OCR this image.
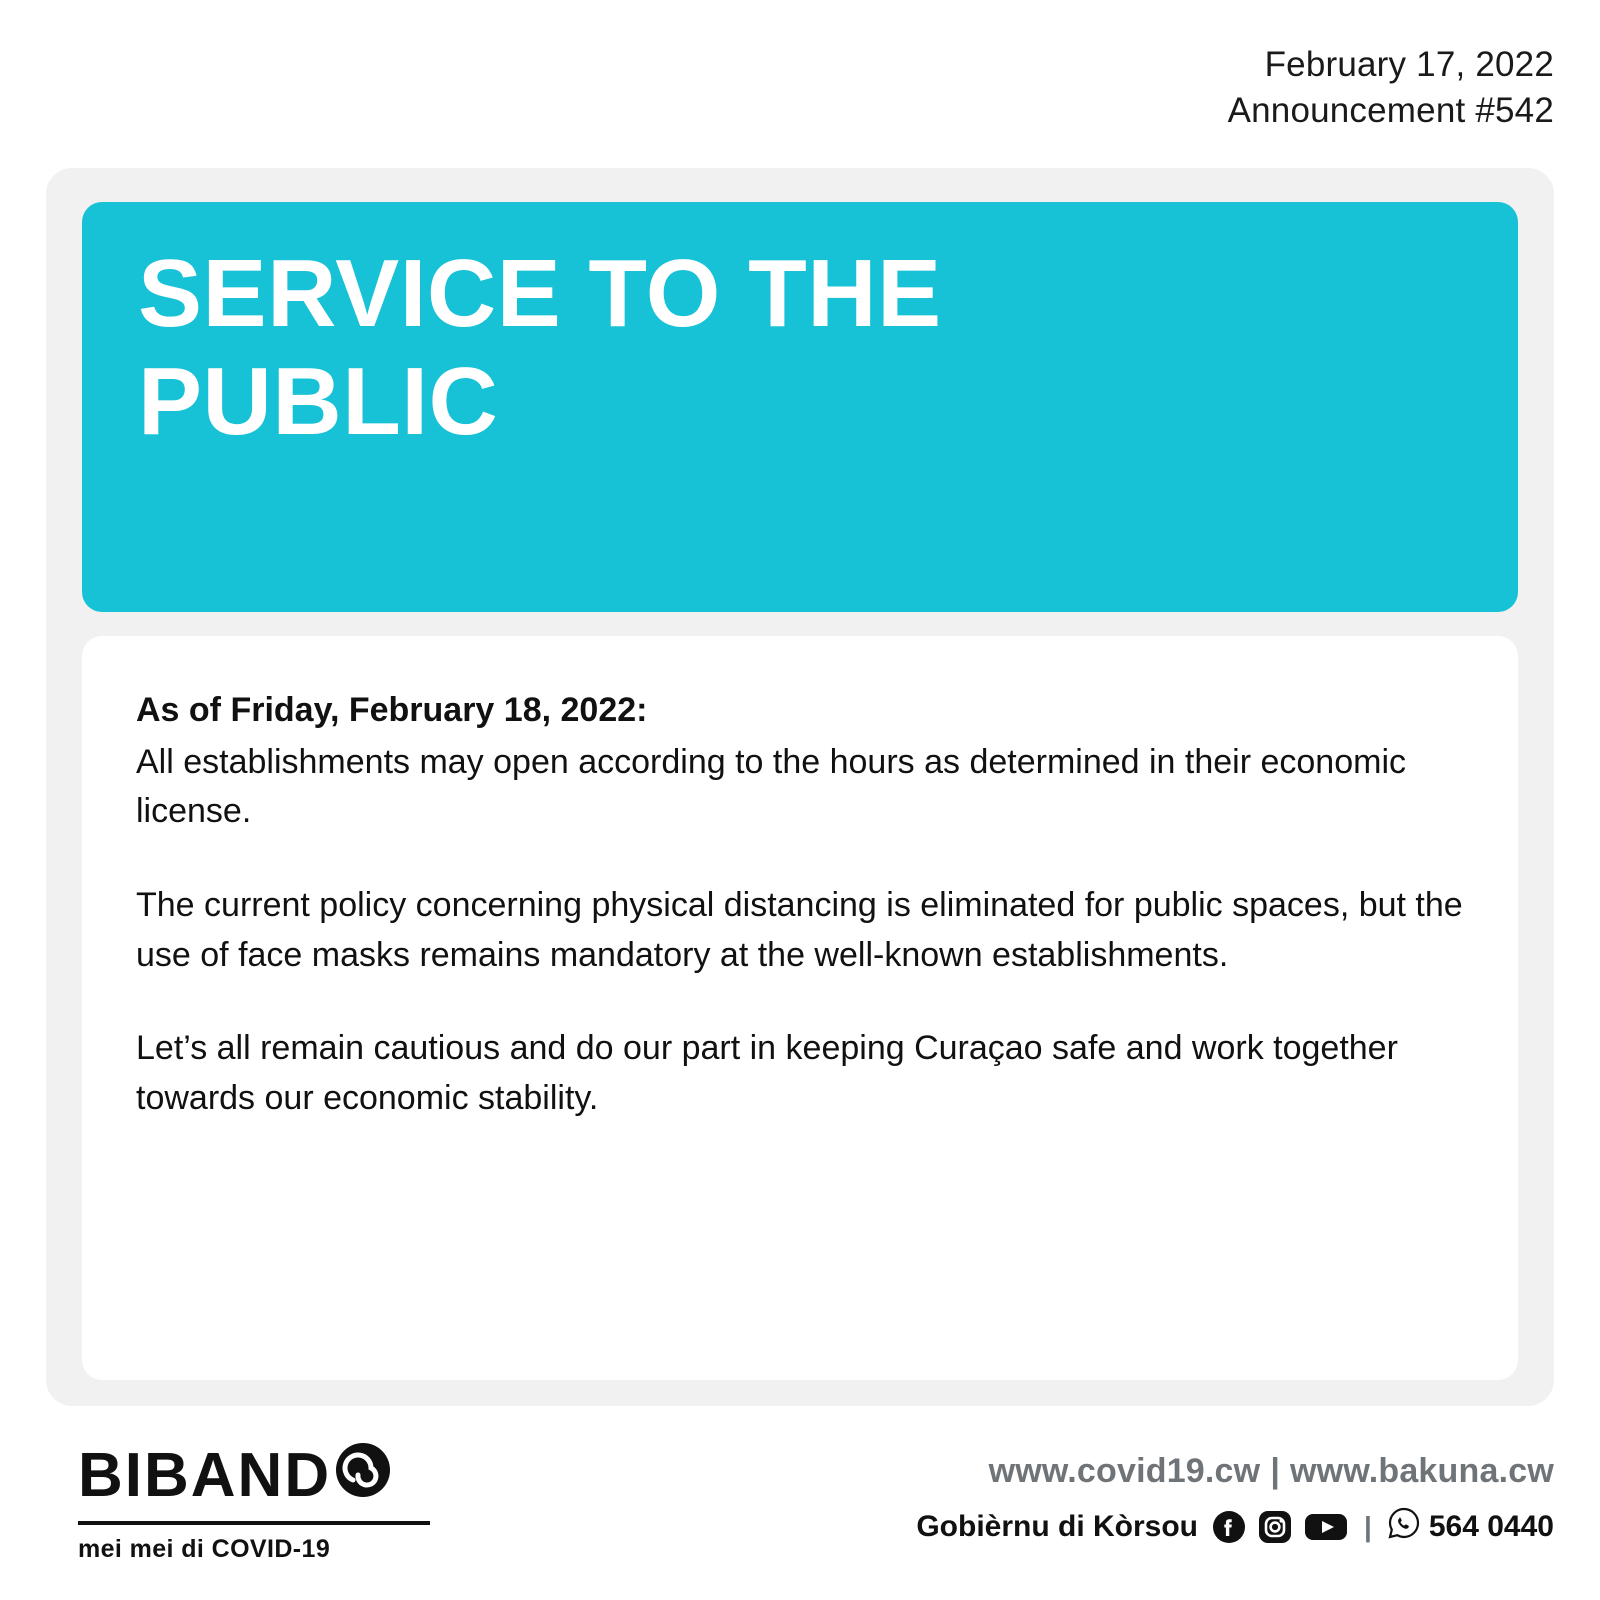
February 17, 2022
Announcement #542
SERVICE TO THE PUBLIC

As of Friday, February 18, 2022:

All establishments may open according to the hours as determined in their economic license.

The current policy concerning physical distancing is eliminated for public spaces, but the use of face masks remains mandatory at the well-known establishments.

Let’s all remain cautious and do our part in keeping Curaçao safe and work together towards our economic stability.

BIBAND
mei mei di COVID-19
www.covid19.cw | www.bakuna.cw
Gobièrnu di Kòrsou	| 564 0440
